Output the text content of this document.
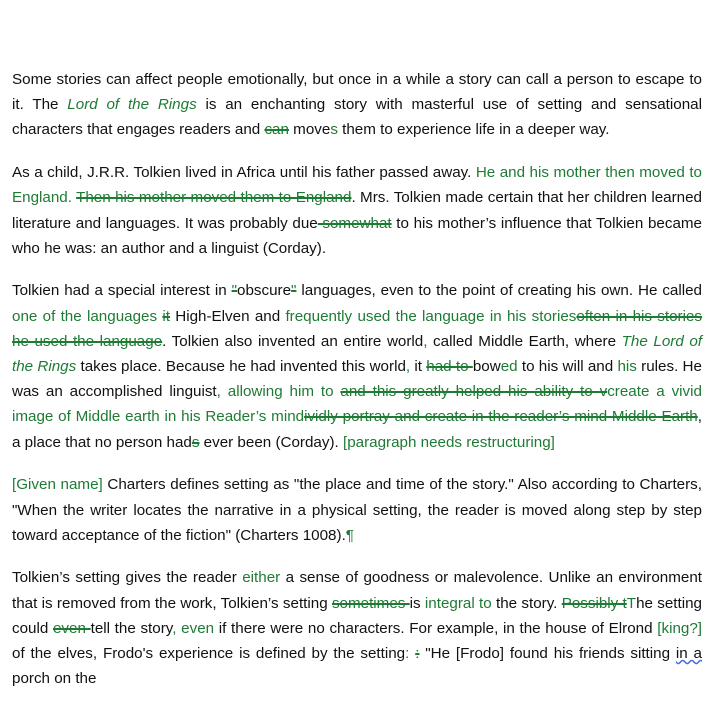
Some stories can affect people emotionally, but once in a while a story can call a person to escape to it. The Lord of the Rings is an enchanting story with masterful use of setting and sensational characters that engages readers and can moves them to experience life in a deeper way.

As a child, J.R.R. Tolkien lived in Africa until his father passed away. He and his mother then moved to England. Then his mother moved them to England. Mrs. Tolkien made certain that her children learned literature and languages. It was probably due somewhat to his mother’s influence that Tolkien became who he was: an author and a linguist (Corday).

Tolkien had a special interest in "obscure" languages, even to the point of creating his own. He called one of the languages it High-Elven and frequently used the language in his storiesoften in his stories he used the language. Tolkien also invented an entire world, called Middle Earth, where The Lord of the Rings takes place. Because he had invented this world, it had to bowed to his will and his rules. He was an accomplished linguist, allowing him to and this greatly helped his ability to vcreate a vivid image of Middle earth in his Reader’s mindividly portray and create in the reader’s mind Middle Earth, a place that no person hads ever been (Corday). [paragraph needs restructuring]

[Given name] Charters defines setting as "the place and time of the story." Also according to Charters, "When the writer locates the narrative in a physical setting, the reader is moved along step by step toward acceptance of the fiction" (Charters 1008).¶

Tolkien’s setting gives the reader either a sense of goodness or malevolence. Unlike an environment that is removed from the work, Tolkien’s setting sometimes is integral to the story. Possibly tThe setting could even tell the story, even if there were no characters. For example, in the house of Elrond [king?] of the elves, Frodo's experience is defined by the setting: : "He [Frodo] found his friends sitting in a porch on the
